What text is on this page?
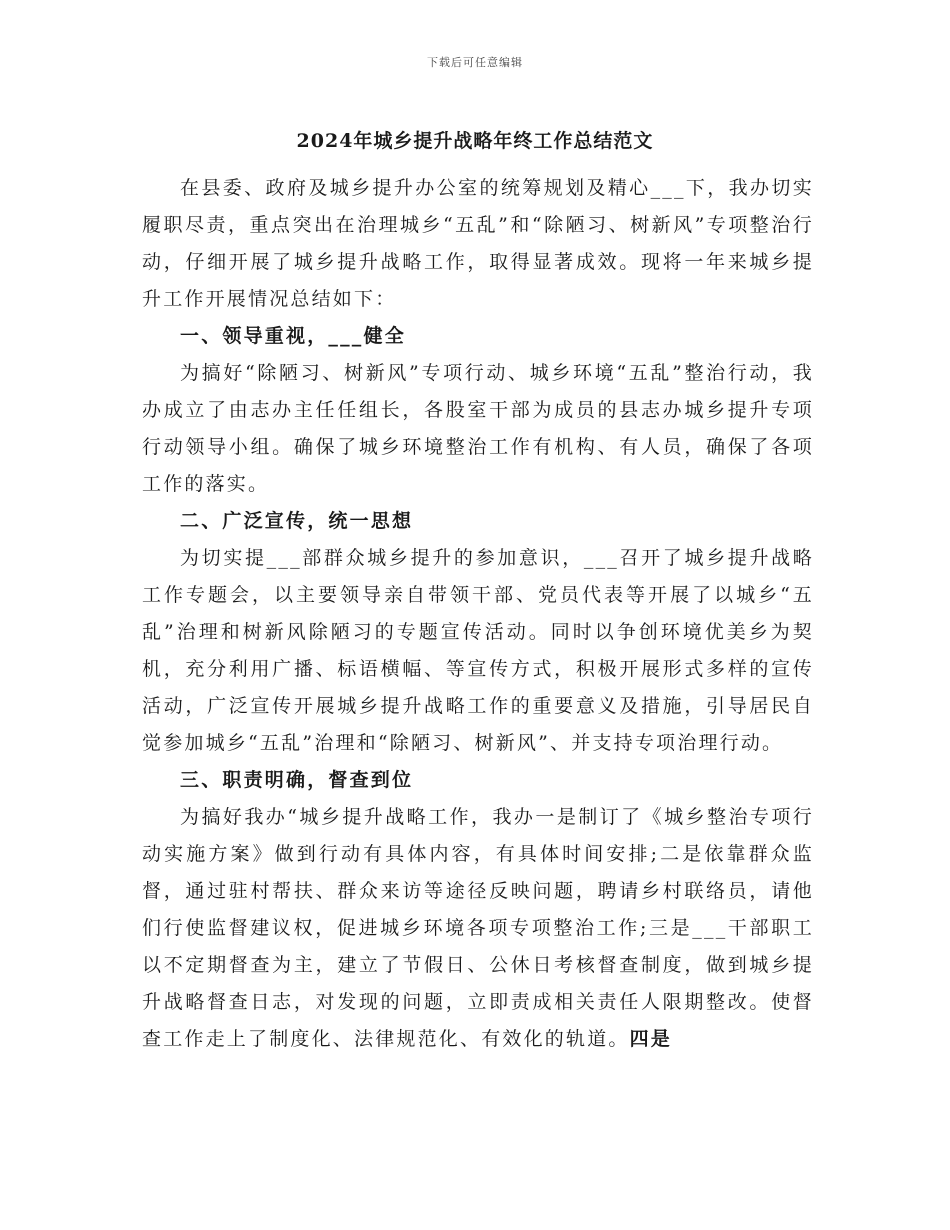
下载后可任意编辑
2024年城乡提升战略年终工作总结范文

在县委、政府及城乡提升办公室的统筹规划及精心___下，我办切实履职尽责，重点突出在治理城乡“五乱”和“除陋习、树新风”专项整治行动，仔细开展了城乡提升战略工作，取得显著成效。现将一年来城乡提升工作开展情况总结如下：

一、领导重视，___健全

为搞好“除陋习、树新风”专项行动、城乡环境“五乱”整治行动，我办成立了由志办主任任组长，各股室干部为成员的县志办城乡提升专项行动领导小组。确保了城乡环境整治工作有机构、有人员，确保了各项工作的落实。

二、广泛宣传，统一思想

为切实提___部群众城乡提升的参加意识，___召开了城乡提升战略工作专题会，以主要领导亲自带领干部、党员代表等开展了以城乡“五乱”治理和树新风除陋习的专题宣传活动。同时以争创环境优美乡为契机，充分利用广播、标语横幅、等宣传方式，积极开展形式多样的宣传活动，广泛宣传开展城乡提升战略工作的重要意义及措施，引导居民自觉参加城乡“五乱”治理和“除陋习、树新风”、并支持专项治理行动。

三、职责明确，督查到位

为搞好我办“城乡提升战略工作，我办一是制订了《城乡整治专项行动实施方案》做到行动有具体内容，有具体时间安排;二是依靠群众监督，通过驻村帮扶、群众来访等途径反映问题，聘请乡村联络员，请他们行使监督建议权，促进城乡环境各项专项整治工作;三是___干部职工以不定期督查为主，建立了节假日、公休日考核督查制度，做到城乡提升战略督查日志，对发现的问题，立即责成相关责任人限期整改。使督查工作走上了制度化、法律规范化、有效化的轨道。四是
